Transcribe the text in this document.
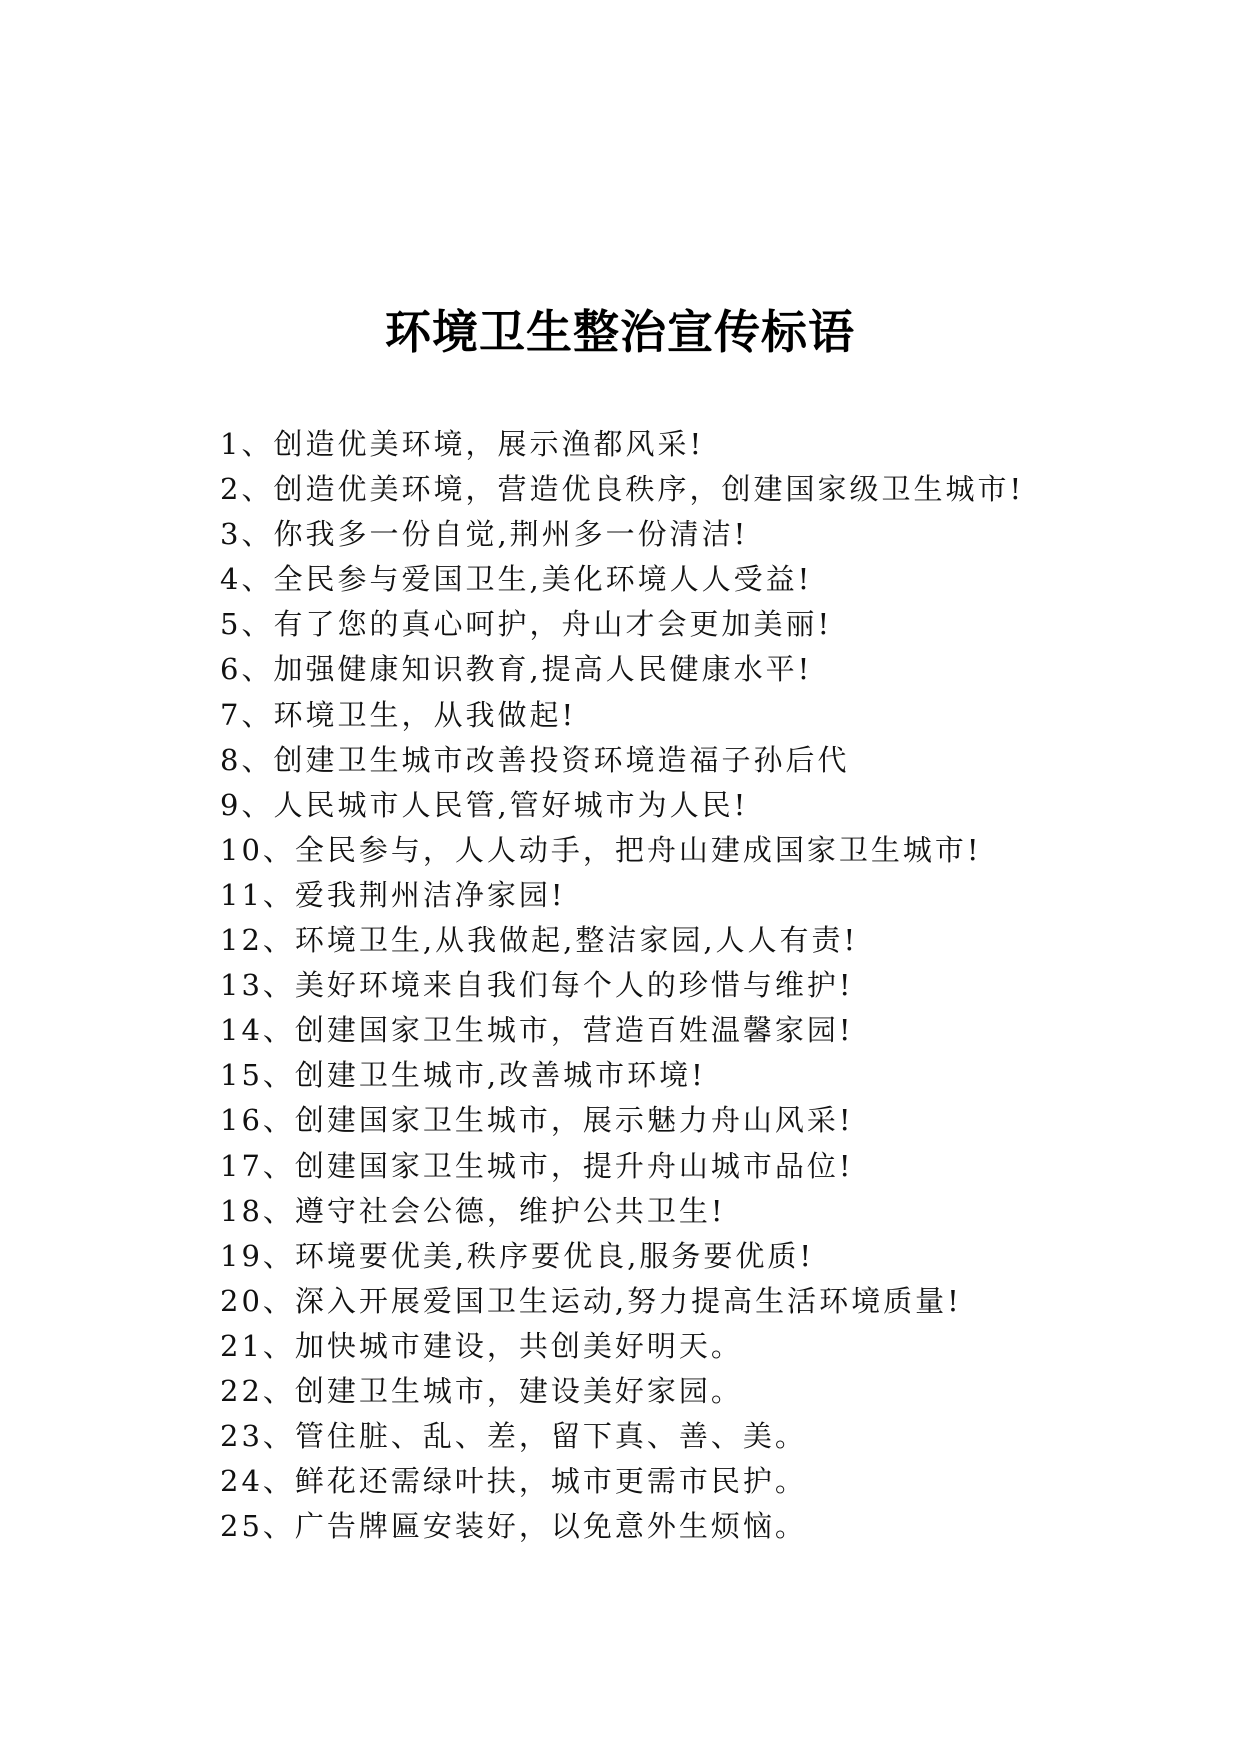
环境卫生整治宣传标语
1、创造优美环境，展示渔都风采!
2、创造优美环境，营造优良秩序，创建国家级卫生城市!
3、你我多一份自觉,荆州多一份清洁!
4、全民参与爱国卫生,美化环境人人受益!
5、有了您的真心呵护，舟山才会更加美丽!
6、加强健康知识教育,提高人民健康水平!
7、环境卫生，从我做起!
8、创建卫生城市改善投资环境造福子孙后代
9、人民城市人民管,管好城市为人民!
10、全民参与，人人动手，把舟山建成国家卫生城市!
11、爱我荆州洁净家园!
12、环境卫生,从我做起,整洁家园,人人有责!
13、美好环境来自我们每个人的珍惜与维护!
14、创建国家卫生城市，营造百姓温馨家园!
15、创建卫生城市,改善城市环境!
16、创建国家卫生城市，展示魅力舟山风采!
17、创建国家卫生城市，提升舟山城市品位!
18、遵守社会公德，维护公共卫生!
19、环境要优美,秩序要优良,服务要优质!
20、深入开展爱国卫生运动,努力提高生活环境质量!
21、加快城市建设，共创美好明天。
22、创建卫生城市，建设美好家园。
23、管住脏、乱、差，留下真、善、美。
24、鲜花还需绿叶扶，城市更需市民护。
25、广告牌匾安装好，以免意外生烦恼。
